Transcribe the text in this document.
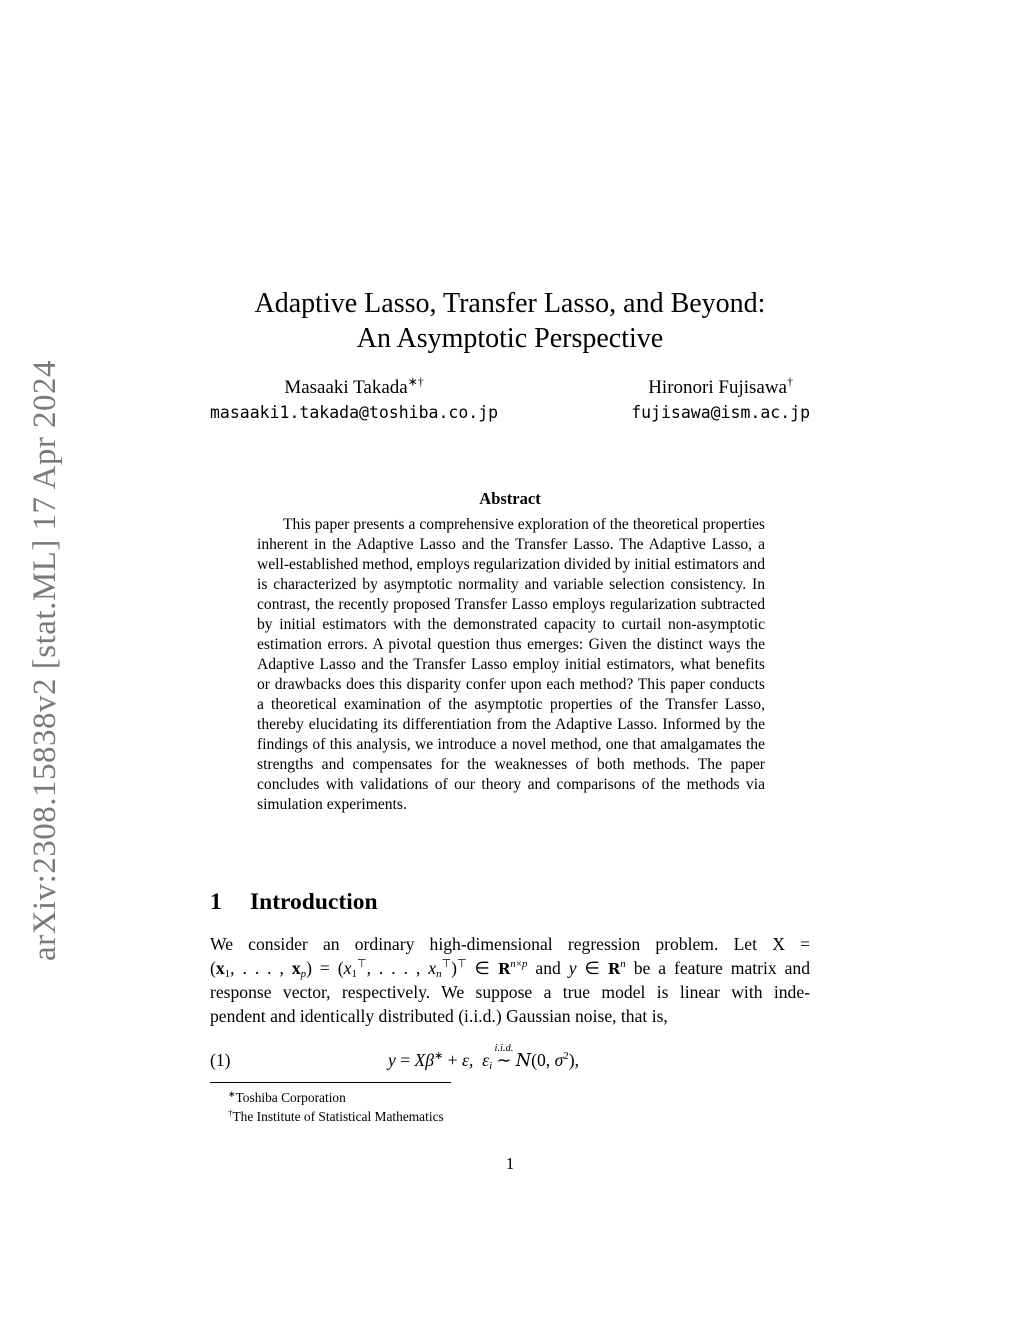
arXiv:2308.15838v2 [stat.ML] 17 Apr 2024
Adaptive Lasso, Transfer Lasso, and Beyond:
An Asymptotic Perspective
Masaaki Takada∗†
masaaki1.takada@toshiba.co.jp
Hironori Fujisawa†
fujisawa@ism.ac.jp
Abstract
This paper presents a comprehensive exploration of the theoretical properties inherent in the Adaptive Lasso and the Transfer Lasso. The Adaptive Lasso, a well-established method, employs regularization divided by initial estimators and is characterized by asymptotic normality and variable selection consistency. In contrast, the recently proposed Transfer Lasso employs regularization subtracted by initial estimators with the demonstrated capacity to curtail non-asymptotic estimation errors. A pivotal question thus emerges: Given the distinct ways the Adaptive Lasso and the Transfer Lasso employ initial estimators, what benefits or drawbacks does this disparity confer upon each method? This paper conducts a theoretical examination of the asymptotic properties of the Transfer Lasso, thereby elucidating its differentiation from the Adaptive Lasso. Informed by the findings of this analysis, we introduce a novel method, one that amalgamates the strengths and compensates for the weaknesses of both methods. The paper concludes with validations of our theory and comparisons of the methods via simulation experiments.
1 Introduction
We consider an ordinary high-dimensional regression problem. Let X =
($x_1$, . . . , $x_p) = (x_1^⊤$, . . . , $x_n^⊤)^⊤$ ∈ $R^{n\times p}$ and y ∈ $R^n$ be a feature matrix and
response vector, respectively. We suppose a true model is linear with inde-
pendent and identically distributed (i.i.d.) Gaussian noise, that is,
(1)	y = Xβ∗ + ε,  $\varepsilon_i$
i.i.d.
∼ N(0, $\sigma^2$),
∗Toshiba Corporation
†The Institute of Statistical Mathematics
1
